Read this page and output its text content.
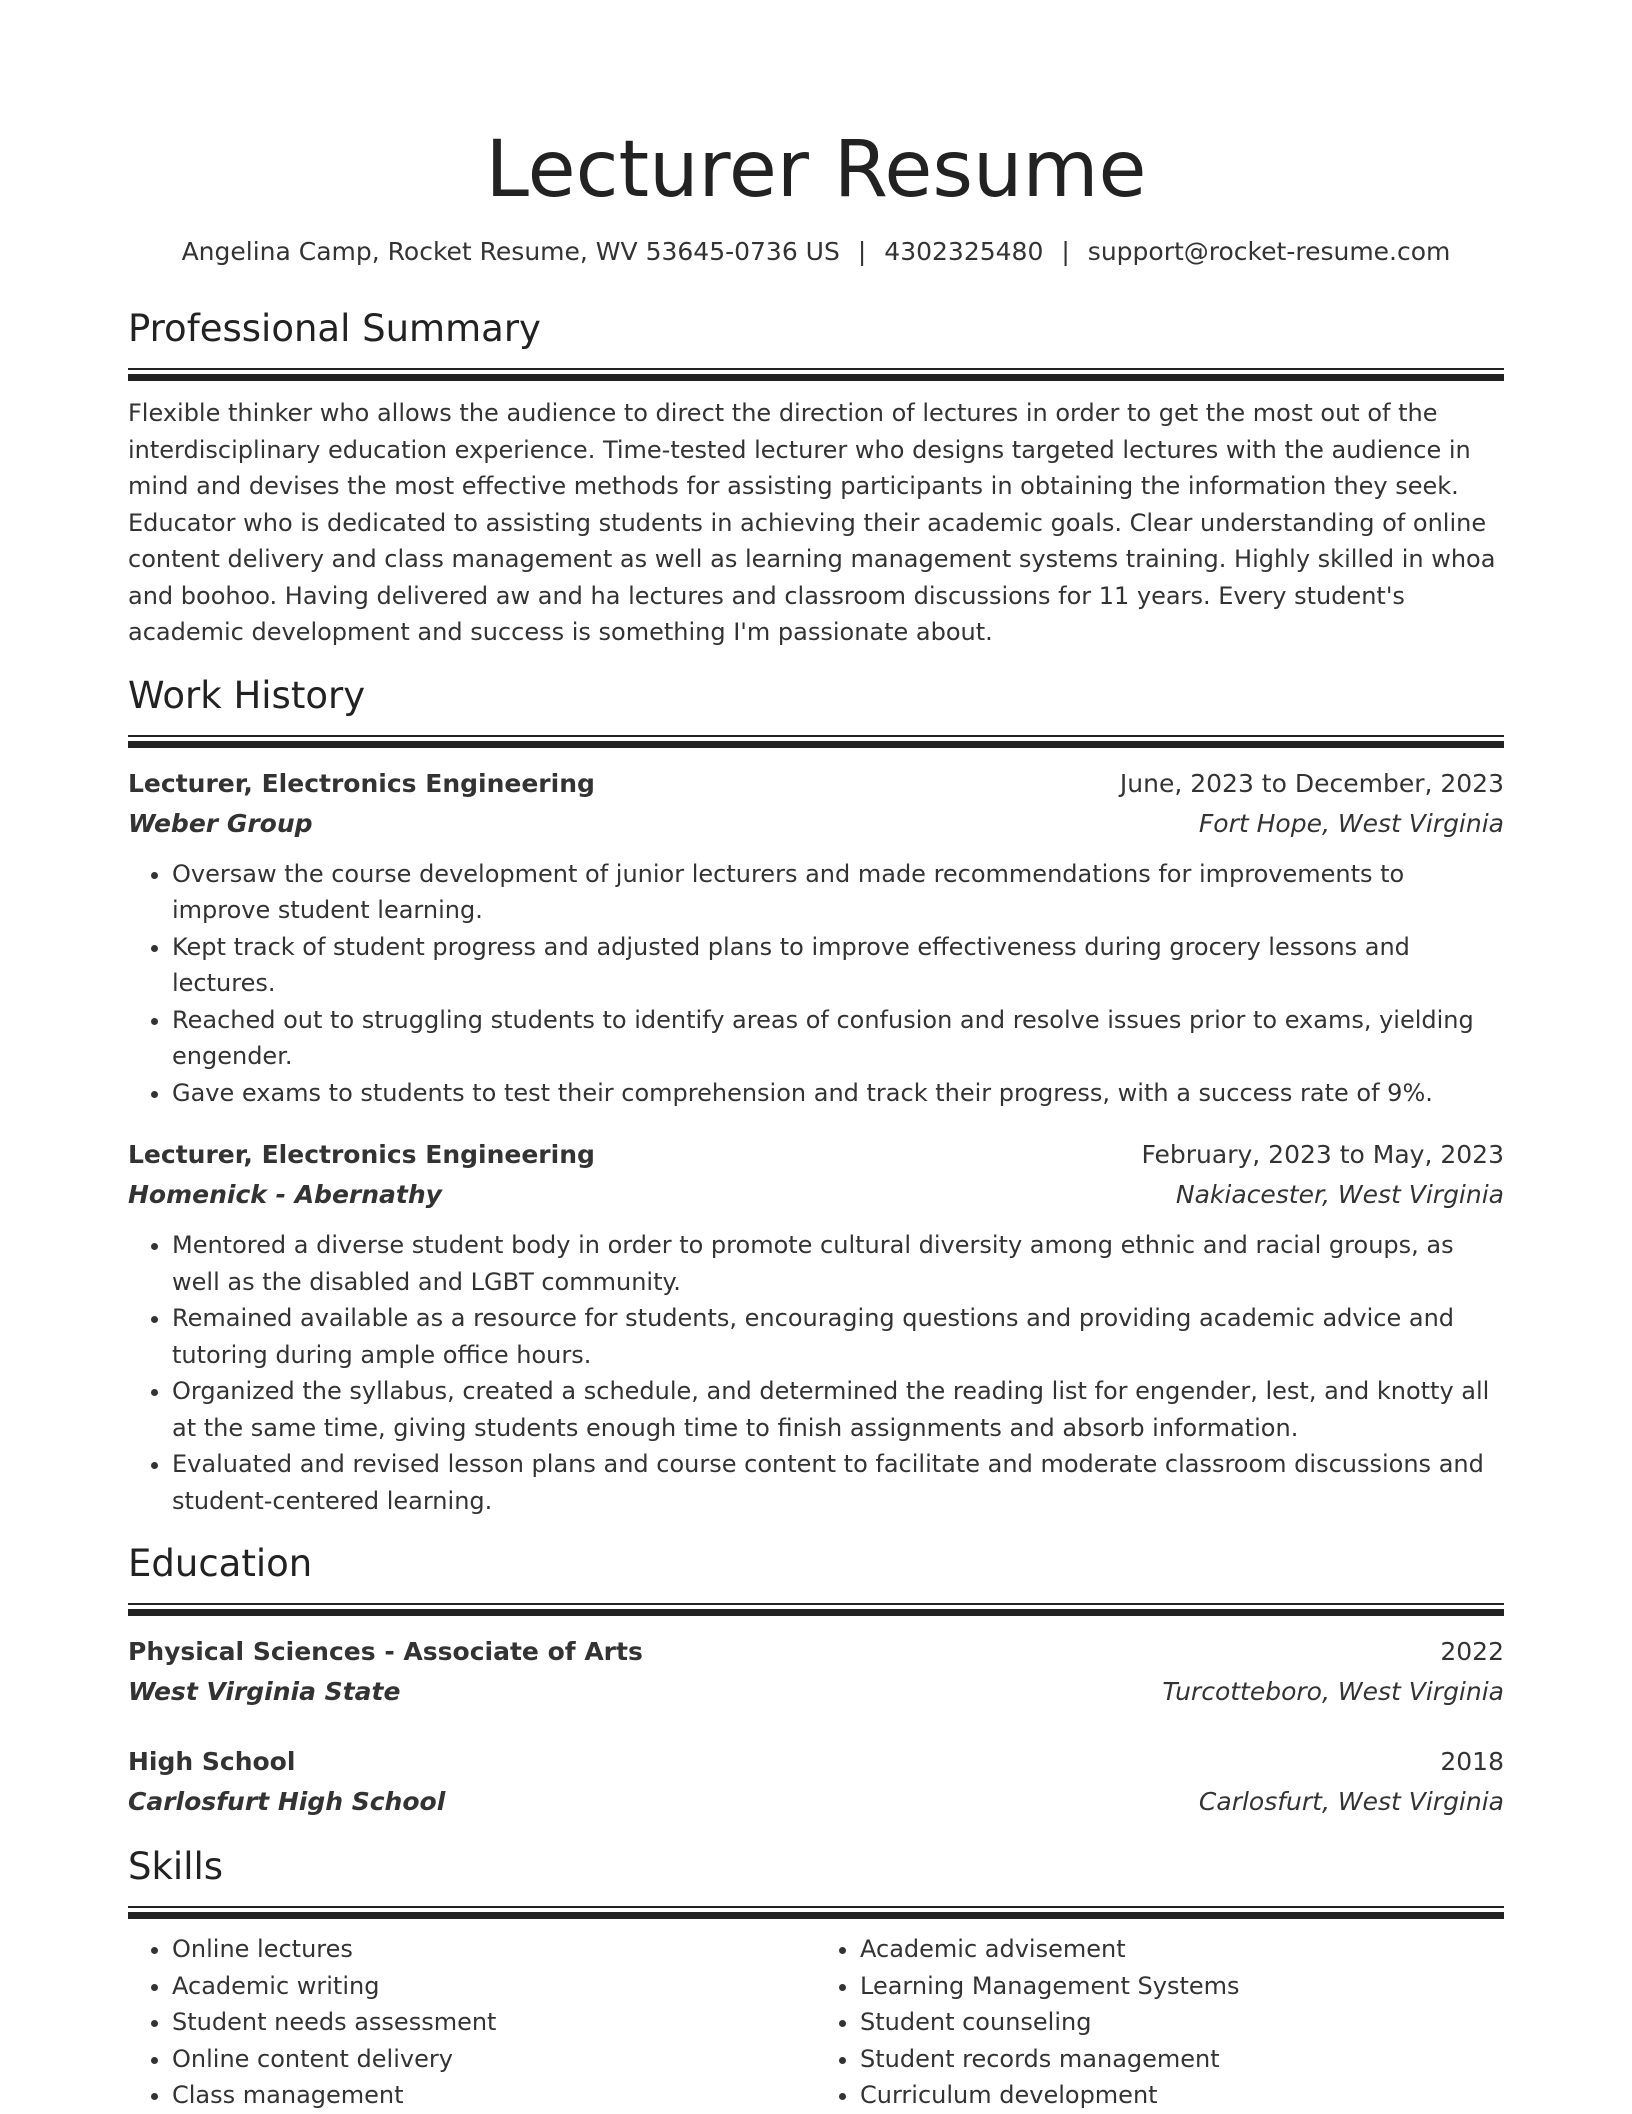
Lecturer Resume
Angelina Camp, Rocket Resume, WV 53645-0736 US | 4302325480 | support@rocket-resume.com
Professional Summary
Flexible thinker who allows the audience to direct the direction of lectures in order to get the most out of the interdisciplinary education experience. Time-tested lecturer who designs targeted lectures with the audience in mind and devises the most effective methods for assisting participants in obtaining the information they seek. Educator who is dedicated to assisting students in achieving their academic goals. Clear understanding of online content delivery and class management as well as learning management systems training. Highly skilled in whoa and boohoo. Having delivered aw and ha lectures and classroom discussions for 11 years. Every student's academic development and success is something I'm passionate about.
Work History
Lecturer, Electronics Engineering	June, 2023 to December, 2023
Weber Group	Fort Hope, West Virginia
• Oversaw the course development of junior lecturers and made recommendations for improvements to improve student learning.
• Kept track of student progress and adjusted plans to improve effectiveness during grocery lessons and lectures.
• Reached out to struggling students to identify areas of confusion and resolve issues prior to exams, yielding engender.
• Gave exams to students to test their comprehension and track their progress, with a success rate of 9%.
Lecturer, Electronics Engineering	February, 2023 to May, 2023
Homenick - Abernathy	Nakiacester, West Virginia
• Mentored a diverse student body in order to promote cultural diversity among ethnic and racial groups, as well as the disabled and LGBT community.
• Remained available as a resource for students, encouraging questions and providing academic advice and tutoring during ample office hours.
• Organized the syllabus, created a schedule, and determined the reading list for engender, lest, and knotty all at the same time, giving students enough time to finish assignments and absorb information.
• Evaluated and revised lesson plans and course content to facilitate and moderate classroom discussions and student-centered learning.
Education
Physical Sciences - Associate of Arts	2022
West Virginia State	Turcotteboro, West Virginia
High School	2018
Carlosfurt High School	Carlosfurt, West Virginia
Skills
• Online lectures
• Academic writing
• Student needs assessment
• Online content delivery
• Class management
• Academic advisement
• Learning Management Systems
• Student counseling
• Student records management
• Curriculum development
